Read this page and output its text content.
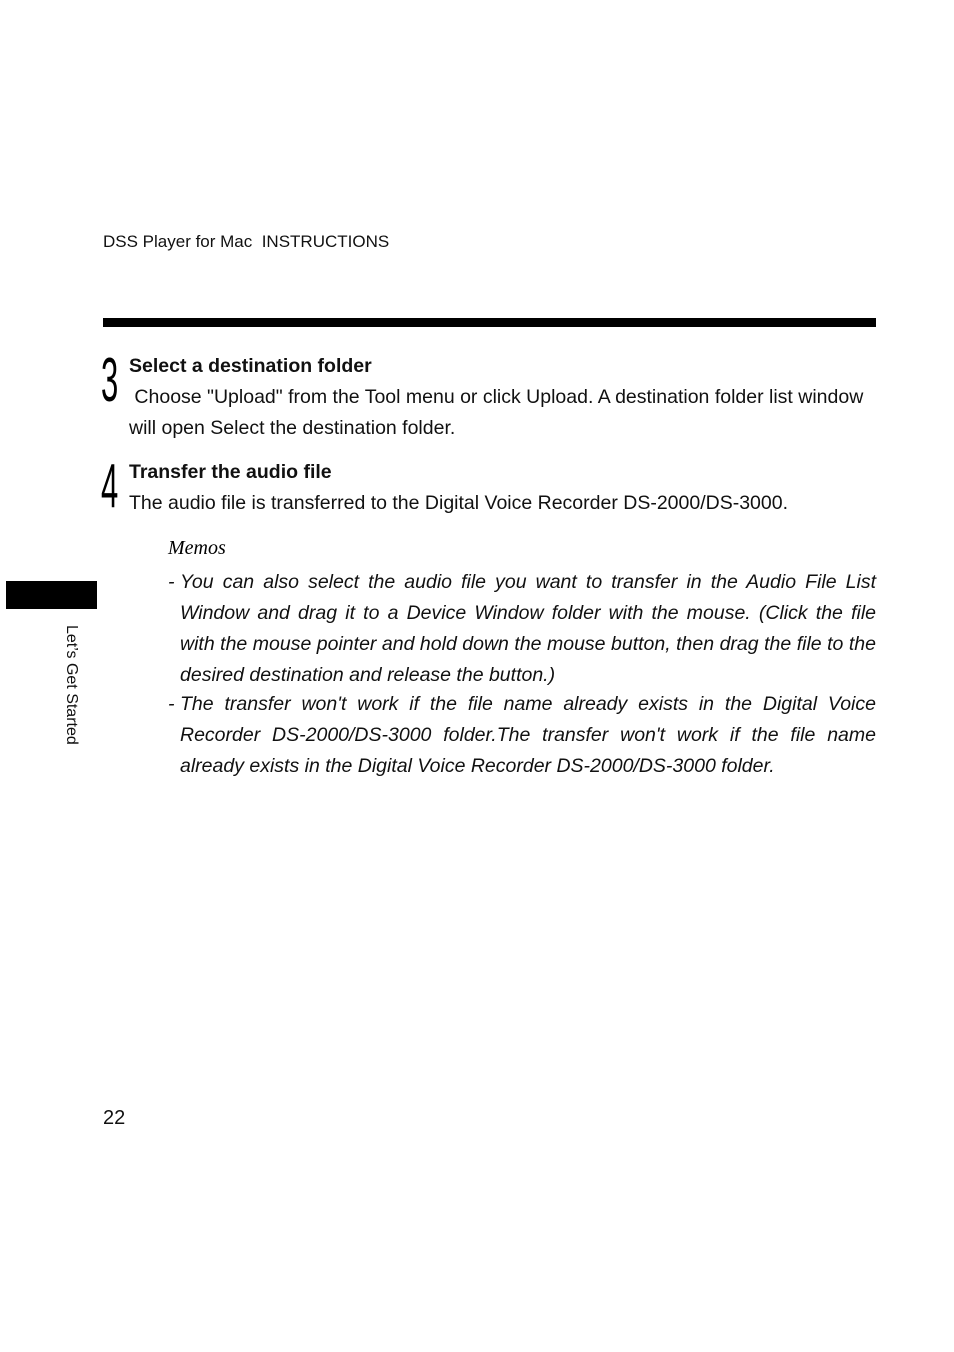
DSS Player for Mac  INSTRUCTIONS
3 Select a destination folder

Choose "Upload" from the Tool menu or click Upload. A destination folder list window will open Select the destination folder.

4 Transfer the audio file

The audio file is transferred to the Digital Voice Recorder DS-2000/DS-3000.

Memos
- You can also select the audio file you want to transfer in the Audio File List Window and drag it to a Device Window folder with the mouse. (Click the file with the mouse pointer and hold down the mouse button, then drag the file to the desired destination and release the button.)
- The transfer won't work if the file name already exists in the Digital Voice Recorder DS-2000/DS-3000 folder.The transfer won't work if the file name already exists in the Digital Voice Recorder DS-2000/DS-3000 folder.
Let’s Get Started
22
